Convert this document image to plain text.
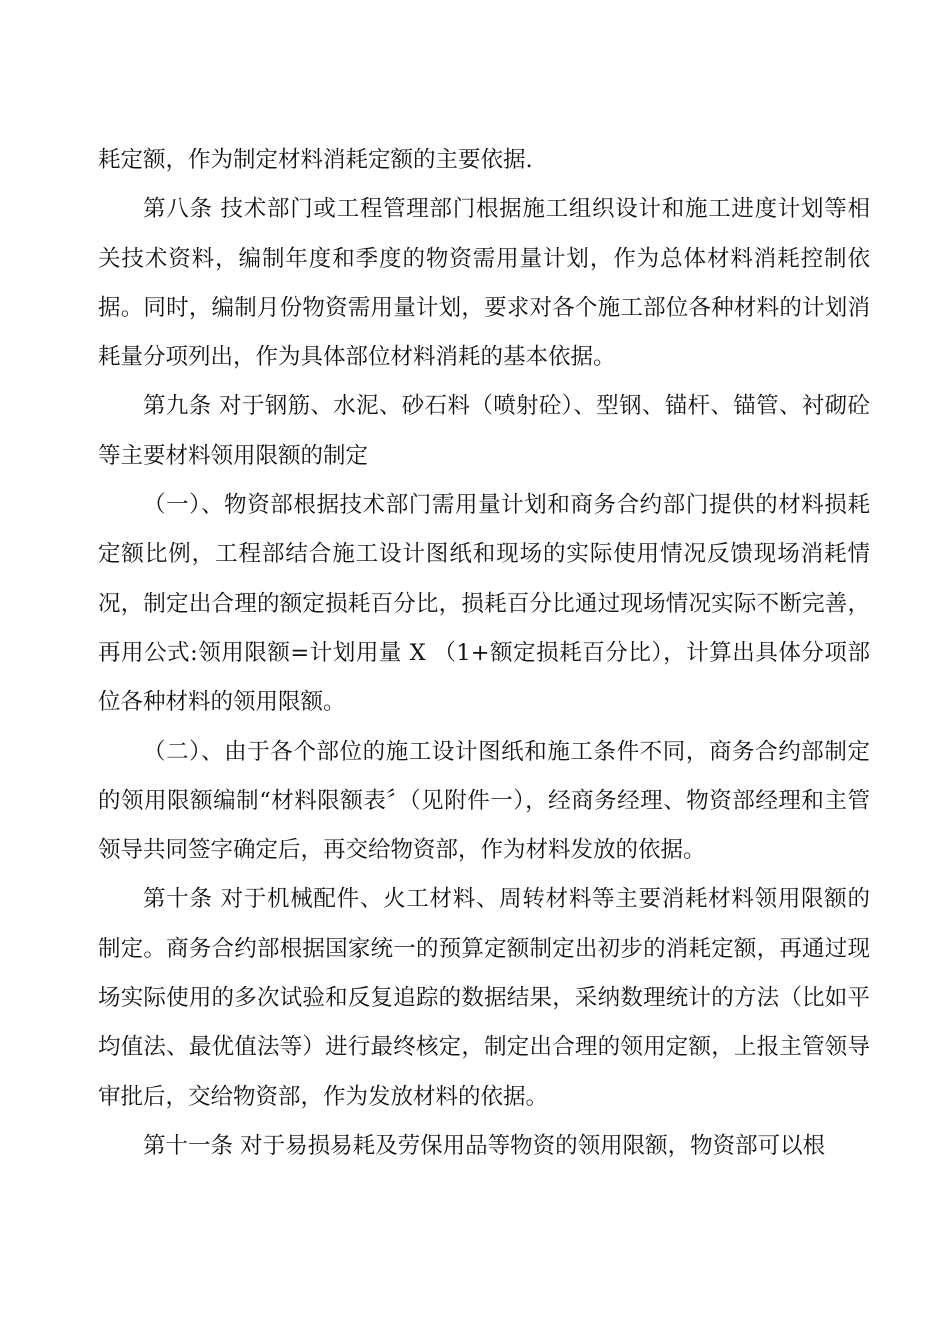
耗定额，作为制定材料消耗定额的主要依据.

第八条 技术部门或工程管理部门根据施工组织设计和施工进度计划等相关技术资料，编制年度和季度的物资需用量计划，作为总体材料消耗控制依据。同时，编制月份物资需用量计划，要求对各个施工部位各种材料的计划消耗量分项列出，作为具体部位材料消耗的基本依据。

第九条 对于钢筋、水泥、砂石料（喷射砼）、型钢、锚杆、锚管、衬砌砼等主要材料领用限额的制定

（一）、物资部根据技术部门需用量计划和商务合约部门提供的材料损耗定额比例，工程部结合施工设计图纸和现场的实际使用情况反馈现场消耗情况，制定出合理的额定损耗百分比，损耗百分比通过现场情况实际不断完善，再用公式:领用限额=计划用量 X （1+额定损耗百分比），计算出具体分项部位各种材料的领用限额。

（二）、由于各个部位的施工设计图纸和施工条件不同，商务合约部制定的领用限额编制“材料限额表〞（见附件一），经商务经理、物资部经理和主管领导共同签字确定后，再交给物资部，作为材料发放的依据。

第十条 对于机械配件、火工材料、周转材料等主要消耗材料领用限额的制定。商务合约部根据国家统一的预算定额制定出初步的消耗定额，再通过现场实际使用的多次试验和反复追踪的数据结果，采纳数理统计的方法（比如平均值法、最优值法等）进行最终核定，制定出合理的领用定额，上报主管领导审批后，交给物资部，作为发放材料的依据。

第十一条 对于易损易耗及劳保用品等物资的领用限额，物资部可以根
